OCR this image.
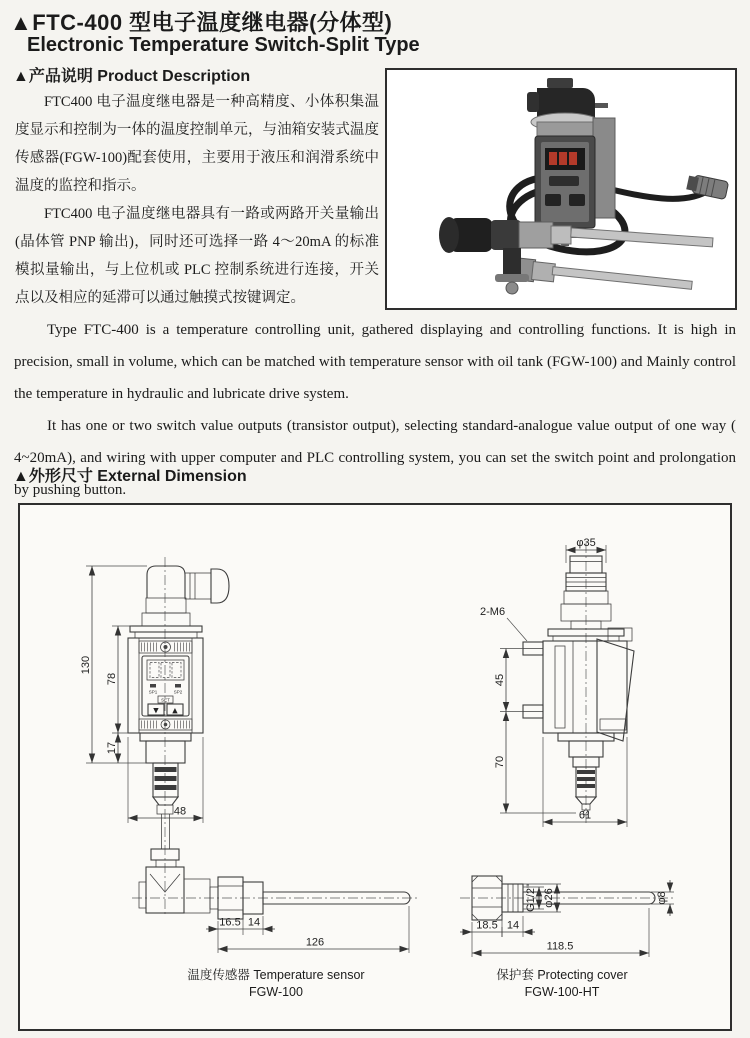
▲FTC-400 型电子温度继电器(分体型)
Electronic Temperature Switch-Split Type
▲产品说明 Product Description

FTC400 电子温度继电器是一种高精度、小体积集温度显示和控制为一体的温度控制单元，与油箱安装式温度传感器(FGW-100)配套使用，主要用于液压和润滑系统中温度的监控和指示。

FTC400 电子温度继电器具有一路或两路开关量输出(晶体管 PNP 输出)，同时还可选择一路 4～20mA 的标准模拟量输出，与上位机或 PLC 控制系统进行连接，开关点以及相应的延滞可以通过触摸式按键调定。

Type FTC-400 is a temperature controlling unit, gathered displaying and controlling functions. It is high in precision, small in volume, which can be matched with temperature sensor with oil tank (FGW-100) and Mainly control the temperature in hydraulic and lubricate drive system.

It has one or two switch value outputs (transistor output), selecting standard-analogue value output of one way ( 4~20mA), and wiring with upper computer and PLC controlling system, you can set the switch point and prolongation by pushing button.

▲外形尺寸 External Dimension
SP1	SP2
SET
▼ ▲
130
78
17
48
16.5 14
126
温度传感器 Temperature sensor
FGW-100
φ35
2-M6
45
70
61
G1/2" φ26	φ8
18.5 14
118.5
保护套 Protecting cover
FGW-100-HT
